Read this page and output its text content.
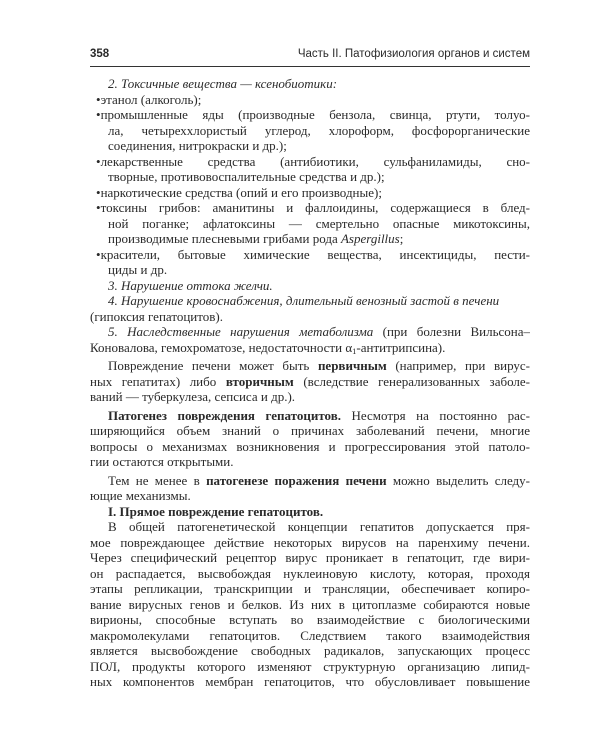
358	Часть II. Патофизиология органов и систем
2. Токсичные вещества — ксенобиотики:
•этанол (алкоголь);
•промышленные яды (производные бензола, свинца, ртути, толуо-
ла, четыреххлористый углерод, хлороформ, фосфорорганические
соединения, нитрокраски и др.);
•лекарственные средства (антибиотики, сульфаниламиды, сно-
творные, противовоспалительные средства и др.);
•наркотические средства (опий и его производные);
•токсины грибов: аманитины и фаллоидины, содержащиеся в блед-
ной поганке; афлатоксины — смертельно опасные микотоксины,
производимые плесневыми грибами рода Aspergillus;
•красители, бытовые химические вещества, инсектициды, пести-
циды и др.
3. Нарушение оттока желчи.
4. Нарушение кровоснабжения, длительный венозный застой в печени
(гипоксия гепатоцитов).
5. Наследственные нарушения метаболизма (при болезни Вильсона–
Коновалова, гемохроматозе, недостаточности $\alpha_1-антитрипсина$).
Повреждение печени может быть первичным (например, при вирус-
ных гепатитах) либо вторичным (вследствие генерализованных заболе-
ваний — туберкулеза, сепсиса и др.).
Патогенез повреждения гепатоцитов. Несмотря на постоянно рас-
ширяющийся объем знаний о причинах заболеваний печени, многие
вопросы о механизмах возникновения и прогрессирования этой патоло-
гии остаются открытыми.
Тем не менее в патогенезе поражения печени можно выделить следу-
ющие механизмы.
I. Прямое повреждение гепатоцитов.
В общей патогенетической концепции гепатитов допускается пря-
мое повреждающее действие некоторых вирусов на паренхиму печени.
Через специфический рецептор вирус проникает в гепатоцит, где вири-
он распадается, высвобождая нуклеиновую кислоту, которая, проходя
этапы репликации, транскрипции и трансляции, обеспечивает копиро-
вание вирусных генов и белков. Из них в цитоплазме собираются новые
вирионы, способные вступать во взаимодействие с биологическими
макромолекулами гепатоцитов. Следствием такого взаимодействия
является высвобождение свободных радикалов, запускающих процесс
ПОЛ, продукты которого изменяют структурную организацию липид-
ных компонентов мембран гепатоцитов, что обусловливает повышение
